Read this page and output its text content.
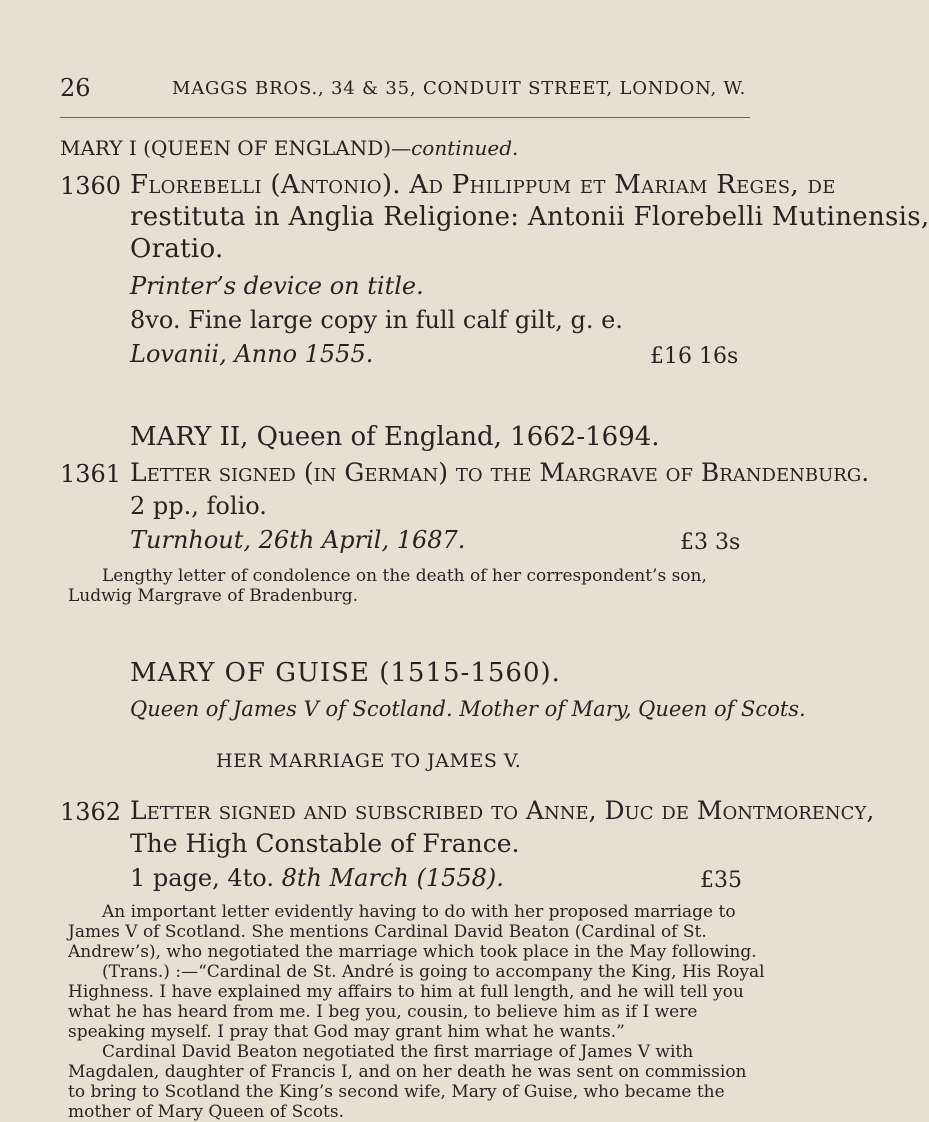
26	MAGGS BROS., 34 & 35, CONDUIT STREET, LONDON, W.
MARY I (QUEEN OF ENGLAND)—continued.
1360 Florebelli (Antonio). Ad Philippum et Mariam Reges, de
restituta in Anglia Religione: Antonii Florebelli Mutinensis,
Oratio.
Printer’s device on title.
8vo. Fine large copy in full calf gilt, g. e.
Lovanii, Anno 1555.	£16 16s
MARY II, Queen of England, 1662-1694.
1361 Letter signed (in German) to the Margrave of Brandenburg.
2 pp., folio.
Turnhout, 26th April, 1687.	£3 3s

Lengthy letter of condolence on the death of her correspondent’s son, Ludwig Margrave of Bradenburg.

MARY OF GUISE (1515-1560).
Queen of James V of Scotland. Mother of Mary, Queen of Scots.
HER MARRIAGE TO JAMES V.
1362 Letter signed and subscribed to Anne, Duc de Montmorency,
The High Constable of France.
1 page, 4to. 8th March (1558).	£35

An important letter evidently having to do with her proposed marriage to James V of Scotland. She mentions Cardinal David Beaton (Cardinal of St. Andrew’s), who negotiated the marriage which took place in the May following.

(Trans.) :—“Cardinal de St. André is going to accompany the King, His Royal Highness. I have explained my affairs to him at full length, and he will tell you what he has heard from me. I beg you, cousin, to believe him as if I were speaking myself. I pray that God may grant him what he wants.”

Cardinal David Beaton negotiated the first marriage of James V with Magdalen, daughter of Francis I, and on her death he was sent on commission to bring to Scotland the King’s second wife, Mary of Guise, who became the mother of Mary Queen of Scots.
